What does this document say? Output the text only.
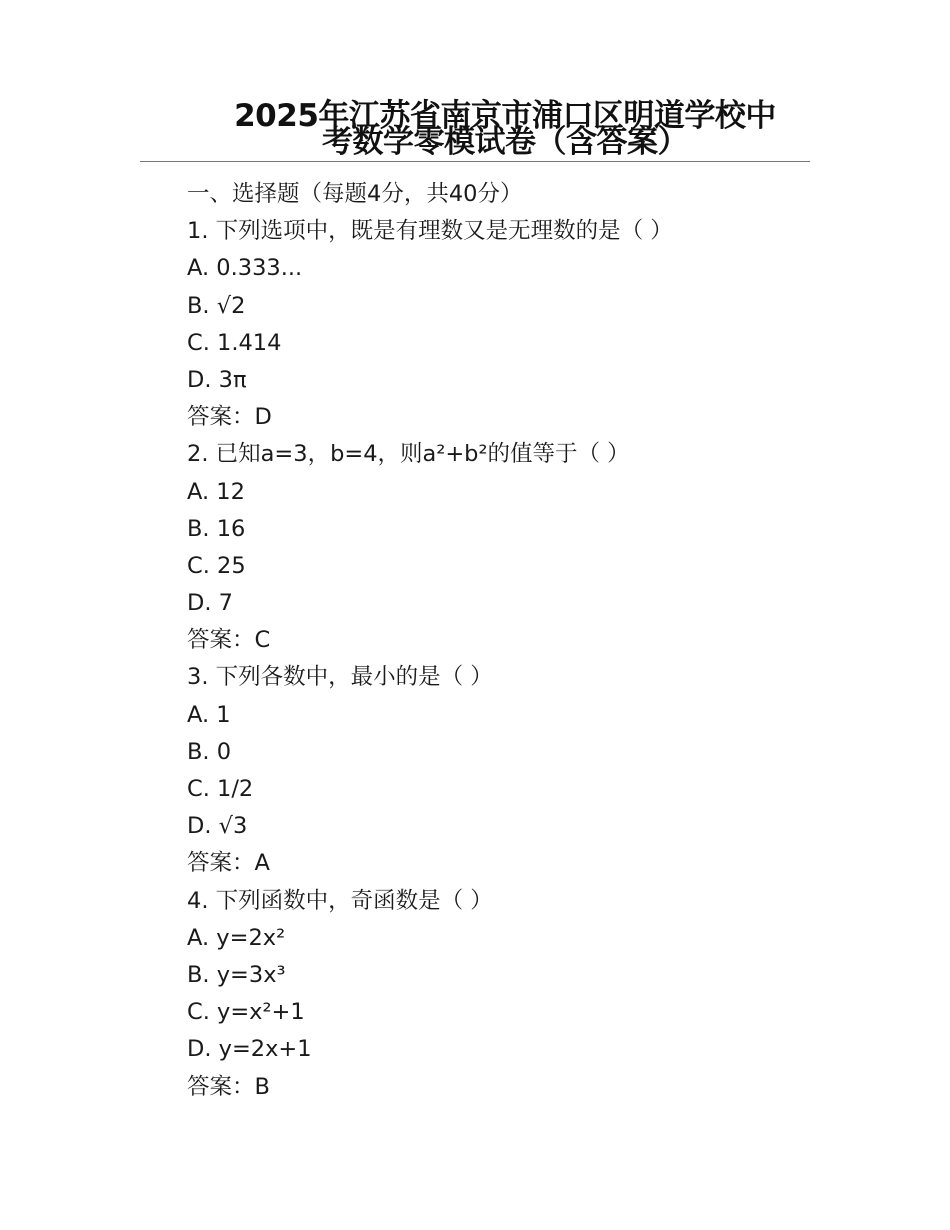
2025年江苏省南京市浦口区明道学校中
考数学零模试卷（含答案）
一、选择题（每题4分，共40分）
1. 下列选项中，既是有理数又是无理数的是（ ）
A. 0.333...
B. √2
C. 1.414
D. 3π
答案：D
2. 已知a=3，b=4，则a²+b²的值等于（ ）
A. 12
B. 16
C. 25
D. 7
答案：C
3. 下列各数中，最小的是（ ）
A. 1
B. 0
C. 1/2
D. √3
答案：A
4. 下列函数中，奇函数是（ ）
A. y=2x²
B. y=3x³
C. y=x²+1
D. y=2x+1
答案：B
